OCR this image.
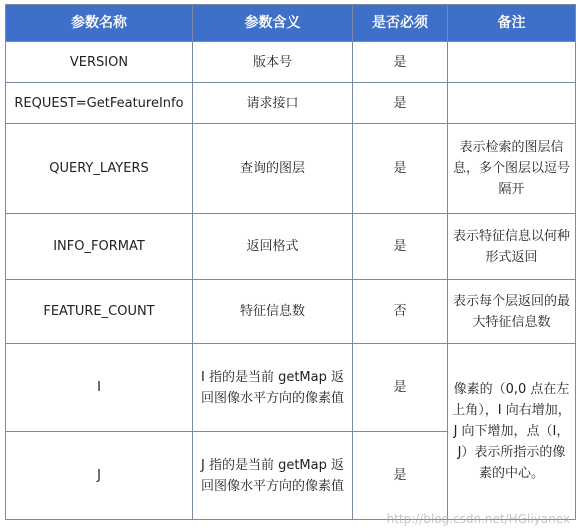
参数名称	参数含义	是否必须	备注
VERSION	版本号	是	
REQUEST=GetFeatureInfo	请求接口	是	
QUERY_LAYERS	查询的图层	是	表示检索的图层信息，多个图层以逗号隔开
INFO_FORMAT	返回格式	是	表示特征信息以何种形式返回
FEATURE_COUNT	特征信息数	否	表示每个层返回的最大特征信息数
I	I 指的是当前 getMap 返回图像水平方向的像素值	是	像素的（0,0 点在左上角），I 向右增加，J 向下增加，点（I，J）表示所指示的像素的中心。
J	J 指的是当前 getMap 返回图像水平方向的像素值	是	
http://blog.csdn.net/HGliyanex
